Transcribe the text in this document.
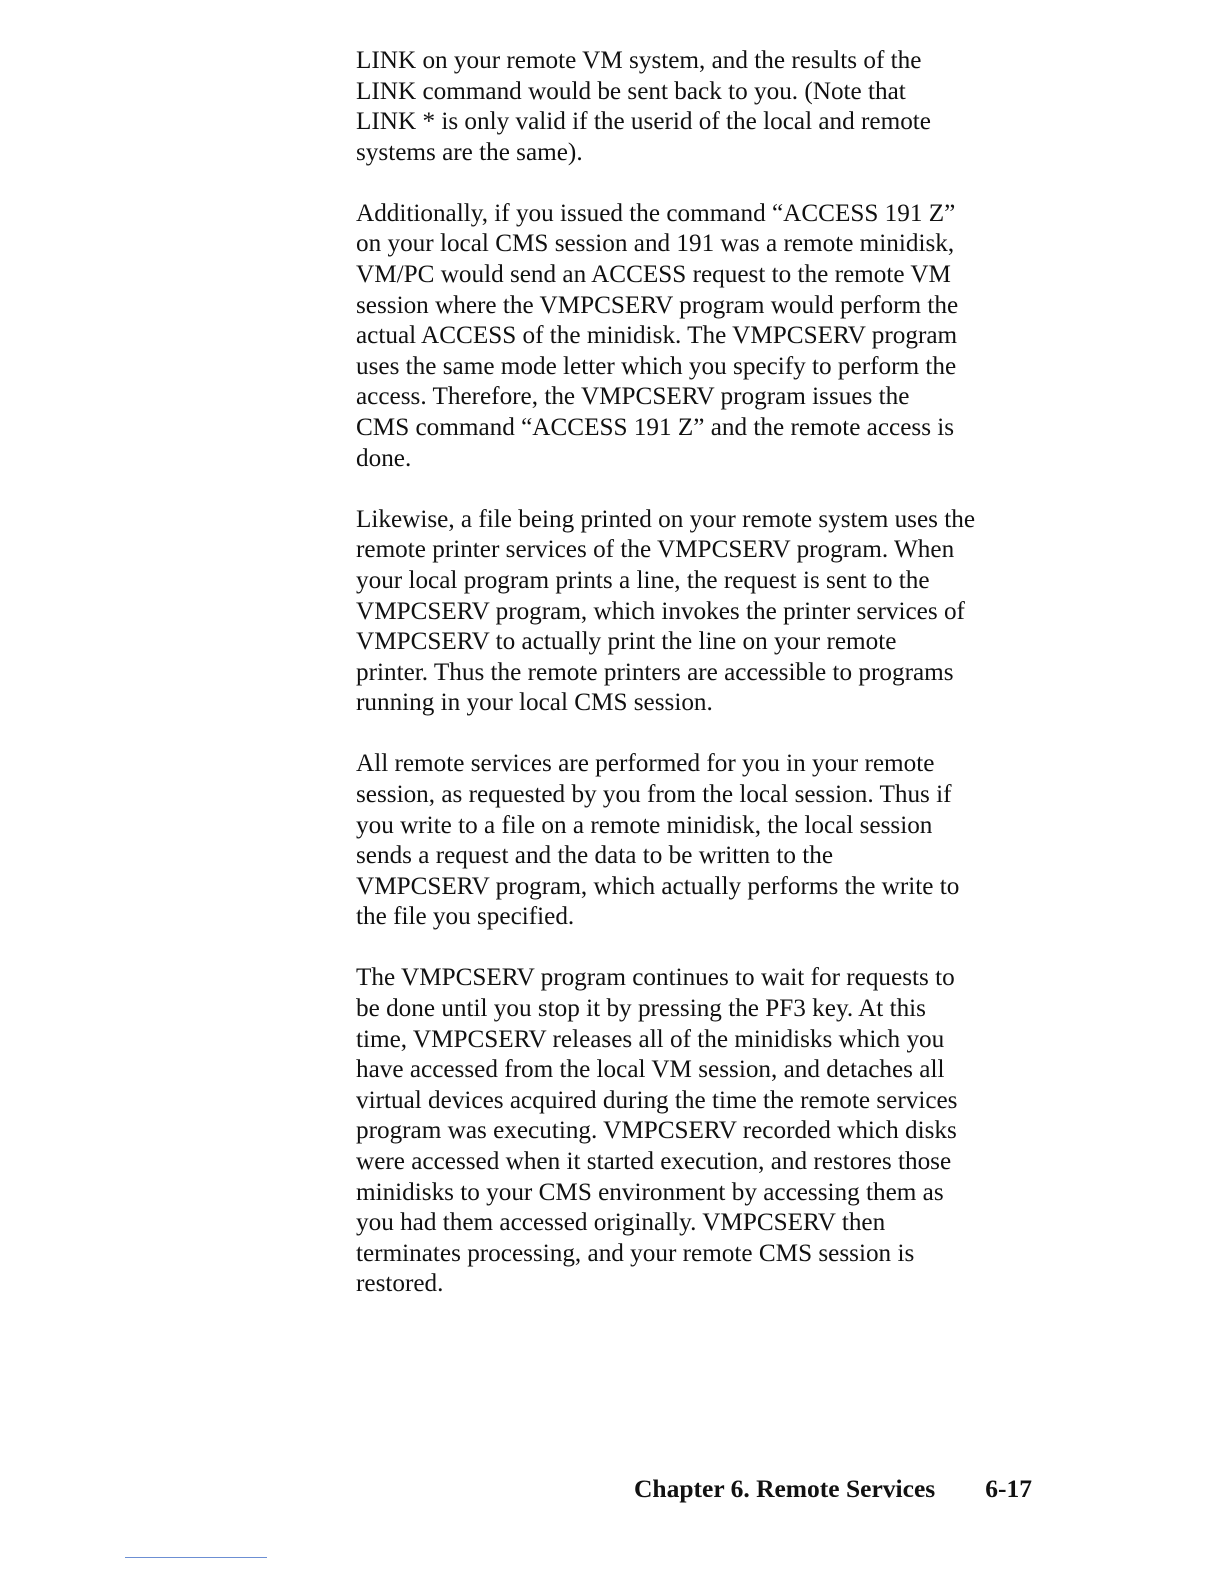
LINK on your remote VM system, and the results of the
LINK command would be sent back to you. (Note that
LINK * is only valid if the userid of the local and remote
systems are the same).

Additionally, if you issued the command “ACCESS 191 Z”
on your local CMS session and 191 was a remote minidisk,
VM/PC would send an ACCESS request to the remote VM
session where the VMPCSERV program would perform the
actual ACCESS of the minidisk. The VMPCSERV program
uses the same mode letter which you specify to perform the
access. Therefore, the VMPCSERV program issues the
CMS command “ACCESS 191 Z” and the remote access is
done.

Likewise, a file being printed on your remote system uses the
remote printer services of the VMPCSERV program. When
your local program prints a line, the request is sent to the
VMPCSERV program, which invokes the printer services of
VMPCSERV to actually print the line on your remote
printer. Thus the remote printers are accessible to programs
running in your local CMS session.

All remote services are performed for you in your remote
session, as requested by you from the local session. Thus if
you write to a file on a remote minidisk, the local session
sends a request and the data to be written to the
VMPCSERV program, which actually performs the write to
the file you specified.

The VMPCSERV program continues to wait for requests to
be done until you stop it by pressing the PF3 key. At this
time, VMPCSERV releases all of the minidisks which you
have accessed from the local VM session, and detaches all
virtual devices acquired during the time the remote services
program was executing. VMPCSERV recorded which disks
were accessed when it started execution, and restores those
minidisks to your CMS environment by accessing them as
you had them accessed originally. VMPCSERV then
terminates processing, and your remote CMS session is
restored.

Chapter 6. Remote Services 6-17
